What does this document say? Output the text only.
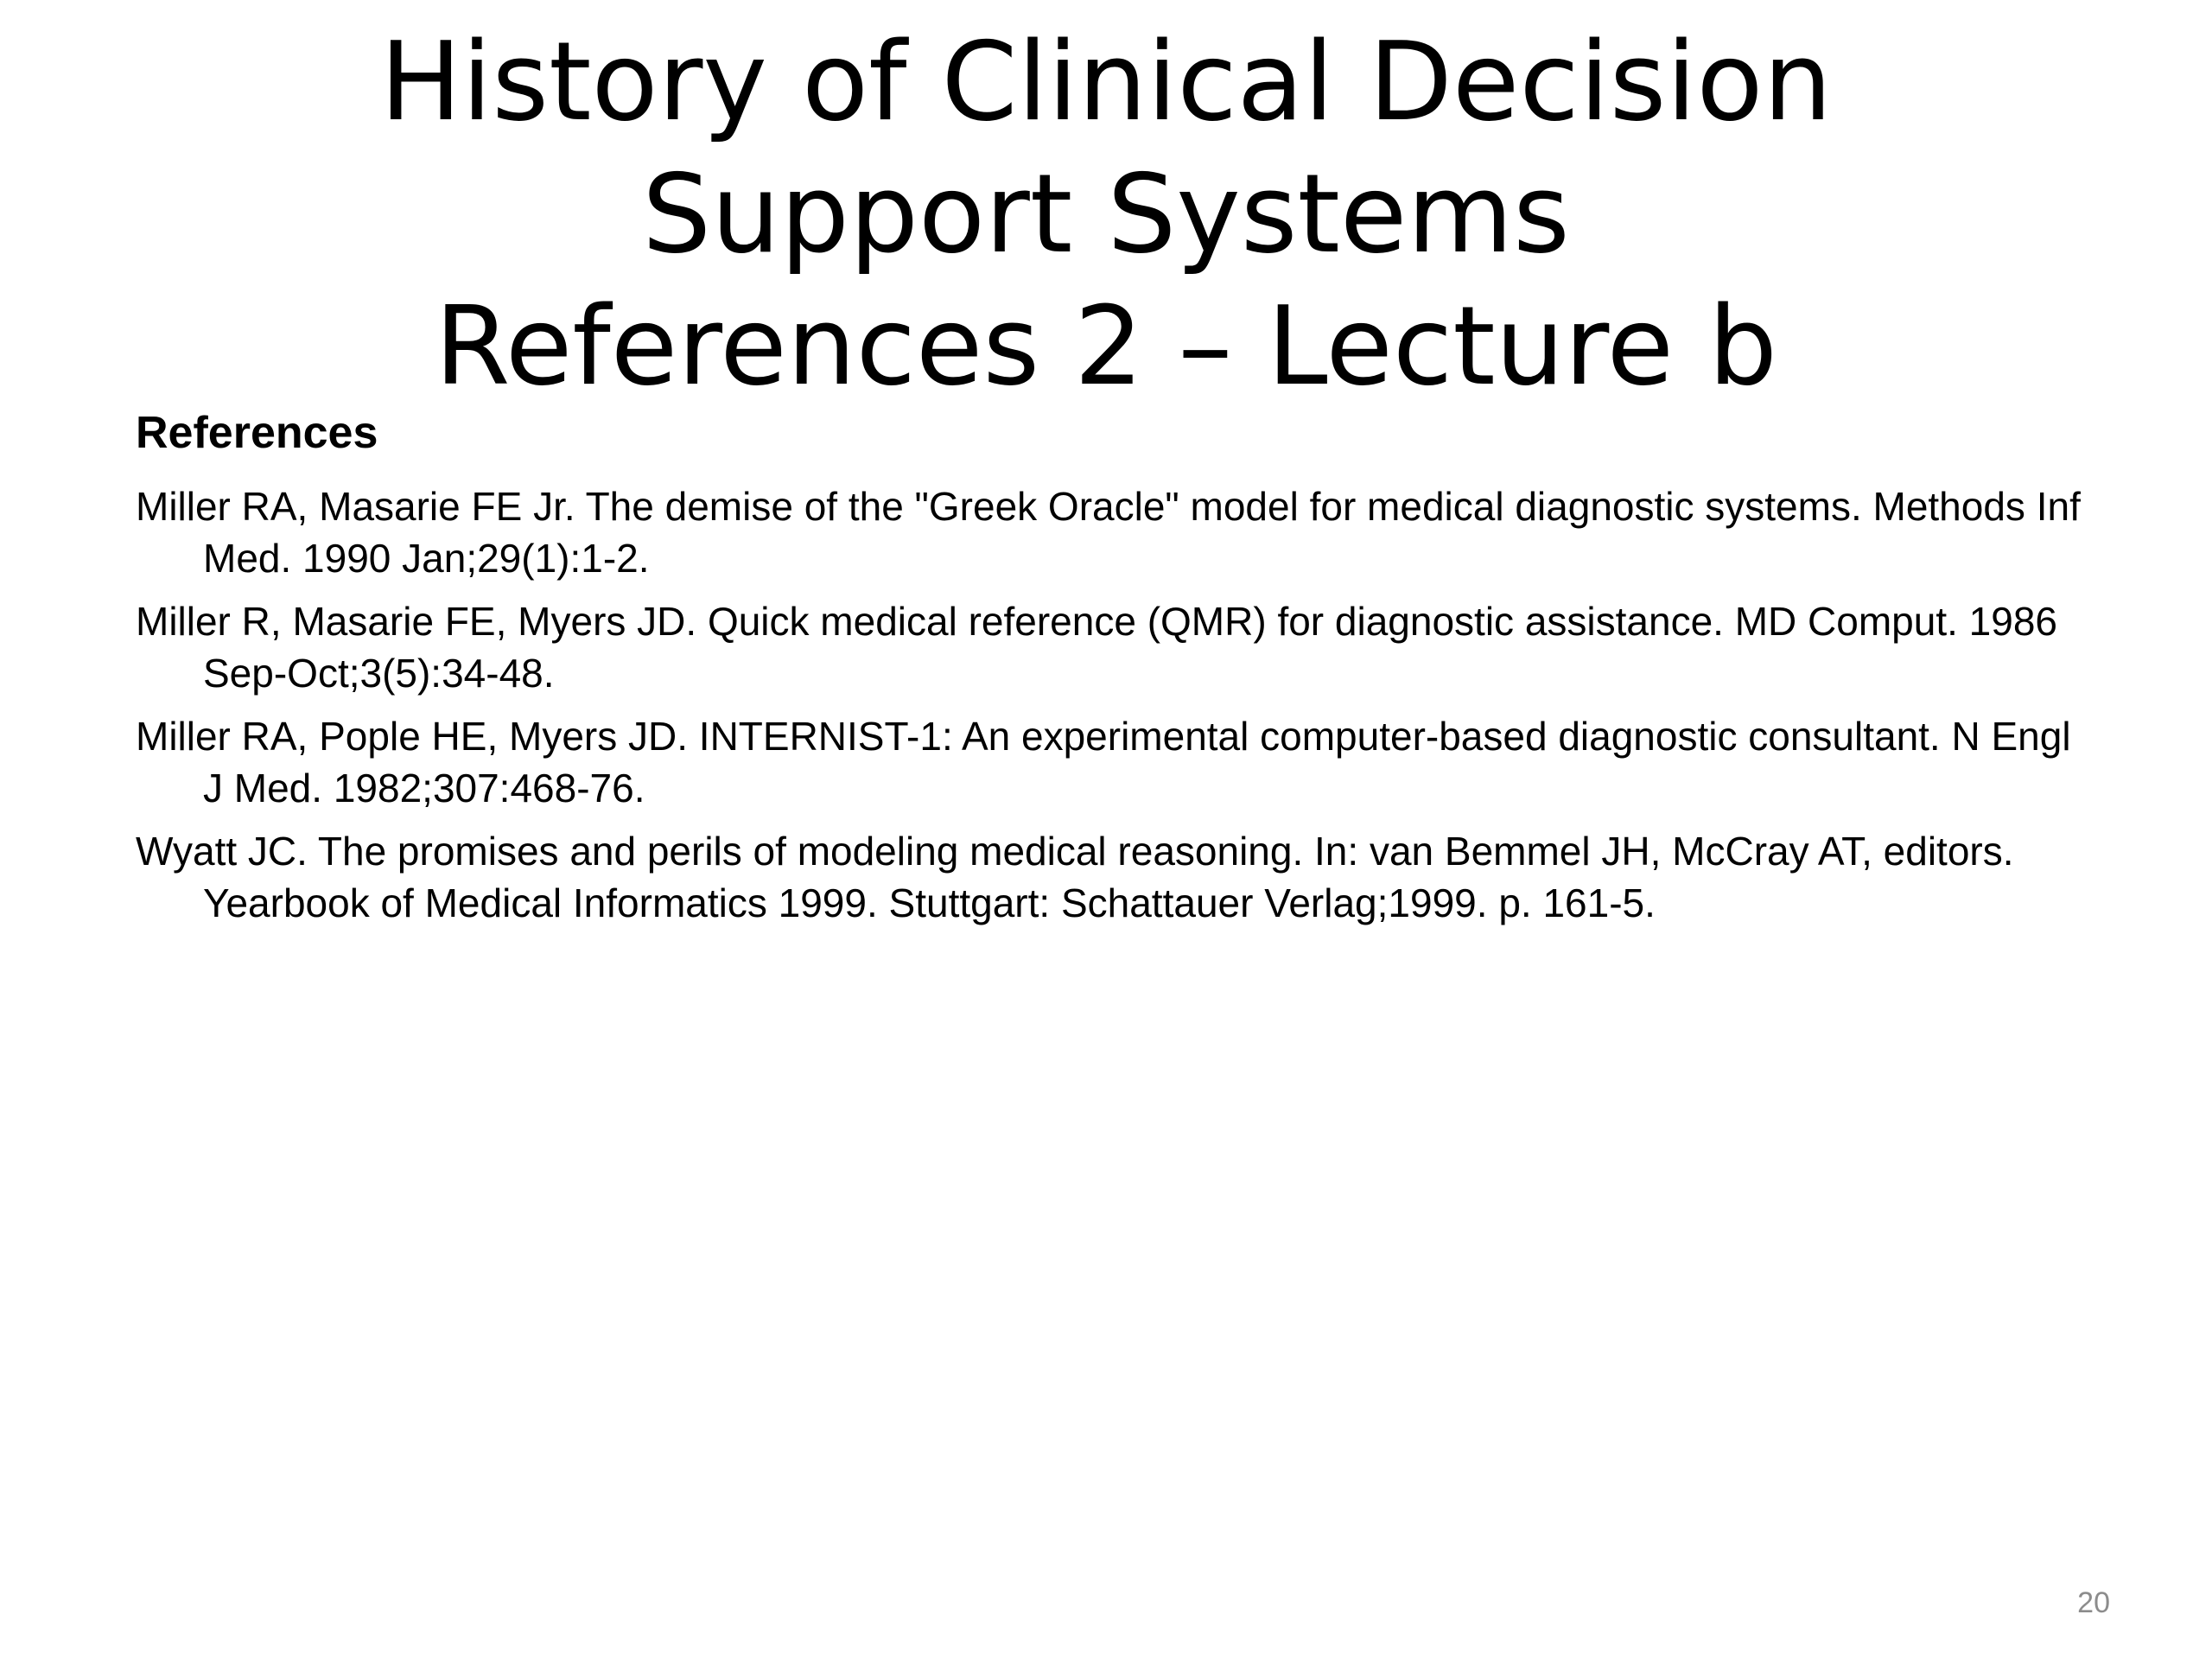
History of Clinical Decision
Support Systems
References 2 – Lecture b
References
Miller RA, Masarie FE Jr. The demise of the "Greek Oracle" model for medical diagnostic systems. Methods Inf Med. 1990 Jan;29(1):1-2.
Miller R, Masarie FE, Myers JD. Quick medical reference (QMR) for diagnostic assistance. MD Comput. 1986 Sep-Oct;3(5):34-48.
Miller RA, Pople HE, Myers JD. INTERNIST-1: An experimental computer-based diagnostic consultant. N Engl J Med. 1982;307:468-76.
Wyatt JC. The promises and perils of modeling medical reasoning. In: van Bemmel JH, McCray AT, editors. Yearbook of Medical Informatics 1999. Stuttgart: Schattauer Verlag;1999. p. 161-5.
20
